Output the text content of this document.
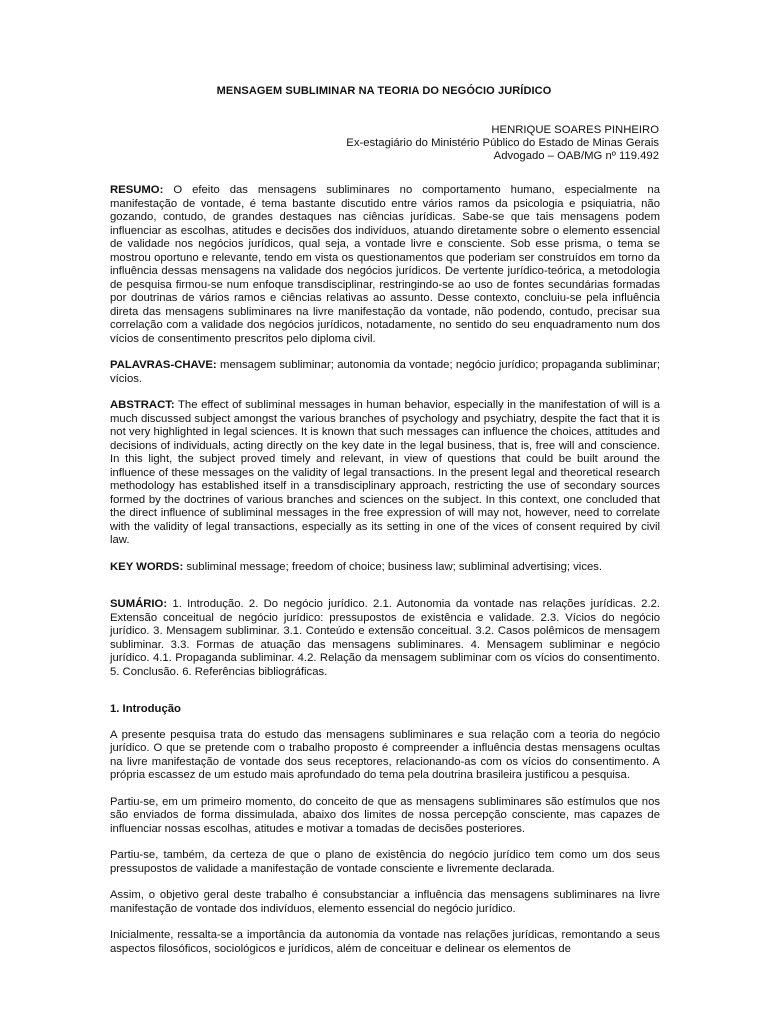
MENSAGEM SUBLIMINAR NA TEORIA DO NEGÓCIO JURÍDICO
HENRIQUE SOARES PINHEIRO
Ex-estagiário do Ministério Público do Estado de Minas Gerais
Advogado – OAB/MG nº 119.492

RESUMO: O efeito das mensagens subliminares no comportamento humano, especialmente na manifestação de vontade, é tema bastante discutido entre vários ramos da psicologia e psiquiatria, não gozando, contudo, de grandes destaques nas ciências jurídicas. Sabe-se que tais mensagens podem influenciar as escolhas, atitudes e decisões dos indivíduos, atuando diretamente sobre o elemento essencial de validade nos negócios jurídicos, qual seja, a vontade livre e consciente. Sob esse prisma, o tema se mostrou oportuno e relevante, tendo em vista os questionamentos que poderiam ser construídos em torno da influência dessas mensagens na validade dos negócios jurídicos. De vertente jurídico-teórica, a metodologia de pesquisa firmou-se num enfoque transdisciplinar, restringindo-se ao uso de fontes secundárias formadas por doutrinas de vários ramos e ciências relativas ao assunto. Desse contexto, concluiu-se pela influência direta das mensagens subliminares na livre manifestação da vontade, não podendo, contudo, precisar sua correlação com a validade dos negócios jurídicos, notadamente, no sentido do seu enquadramento num dos vícios de consentimento prescritos pelo diploma civil.

PALAVRAS-CHAVE: mensagem subliminar; autonomia da vontade; negócio jurídico; propaganda subliminar; vícios.

ABSTRACT: The effect of subliminal messages in human behavior, especially in the manifestation of will is a much discussed subject amongst the various branches of psychology and psychiatry, despite the fact that it is not very highlighted in legal sciences. It is known that such messages can influence the choices, attitudes and decisions of individuals, acting directly on the key date in the legal business, that is, free will and conscience. In this light, the subject proved timely and relevant, in view of questions that could be built around the influence of these messages on the validity of legal transactions. In the present legal and theoretical research methodology has established itself in a transdisciplinary approach, restricting the use of secondary sources formed by the doctrines of various branches and sciences on the subject. In this context, one concluded that the direct influence of subliminal messages in the free expression of will may not, however, need to correlate with the validity of legal transactions, especially as its setting in one of the vices of consent required by civil law.

KEY WORDS: subliminal message; freedom of choice; business law; subliminal advertising; vices.

SUMÁRIO: 1. Introdução. 2. Do negócio jurídico. 2.1. Autonomia da vontade nas relações jurídicas. 2.2. Extensão conceitual de negócio jurídico: pressupostos de existência e validade. 2.3. Vícios do negócio jurídico. 3. Mensagem subliminar. 3.1. Conteúdo e extensão conceitual. 3.2. Casos polêmicos de mensagem subliminar. 3.3. Formas de atuação das mensagens subliminares. 4. Mensagem subliminar e negócio jurídico. 4.1. Propaganda subliminar. 4.2. Relação da mensagem subliminar com os vícios do consentimento. 5. Conclusão. 6. Referências bibliográficas.

1. Introdução

A presente pesquisa trata do estudo das mensagens subliminares e sua relação com a teoria do negócio jurídico. O que se pretende com o trabalho proposto é compreender a influência destas mensagens ocultas na livre manifestação de vontade dos seus receptores, relacionando-as com os vícios do consentimento. A própria escassez de um estudo mais aprofundado do tema pela doutrina brasileira justificou a pesquisa.

Partiu-se, em um primeiro momento, do conceito de que as mensagens subliminares são estímulos que nos são enviados de forma dissimulada, abaixo dos limites de nossa percepção consciente, mas capazes de influenciar nossas escolhas, atitudes e motivar a tomadas de decisões posteriores.

Partiu-se, também, da certeza de que o plano de existência do negócio jurídico tem como um dos seus pressupostos de validade a manifestação de vontade consciente e livremente declarada.

Assim, o objetivo geral deste trabalho é consubstanciar a influência das mensagens subliminares na livre manifestação de vontade dos indivíduos, elemento essencial do negócio jurídico.

Inicialmente, ressalta-se a importância da autonomia da vontade nas relações jurídicas, remontando a seus aspectos filosóficos, sociológicos e jurídicos, além de conceituar e delinear os elementos de
